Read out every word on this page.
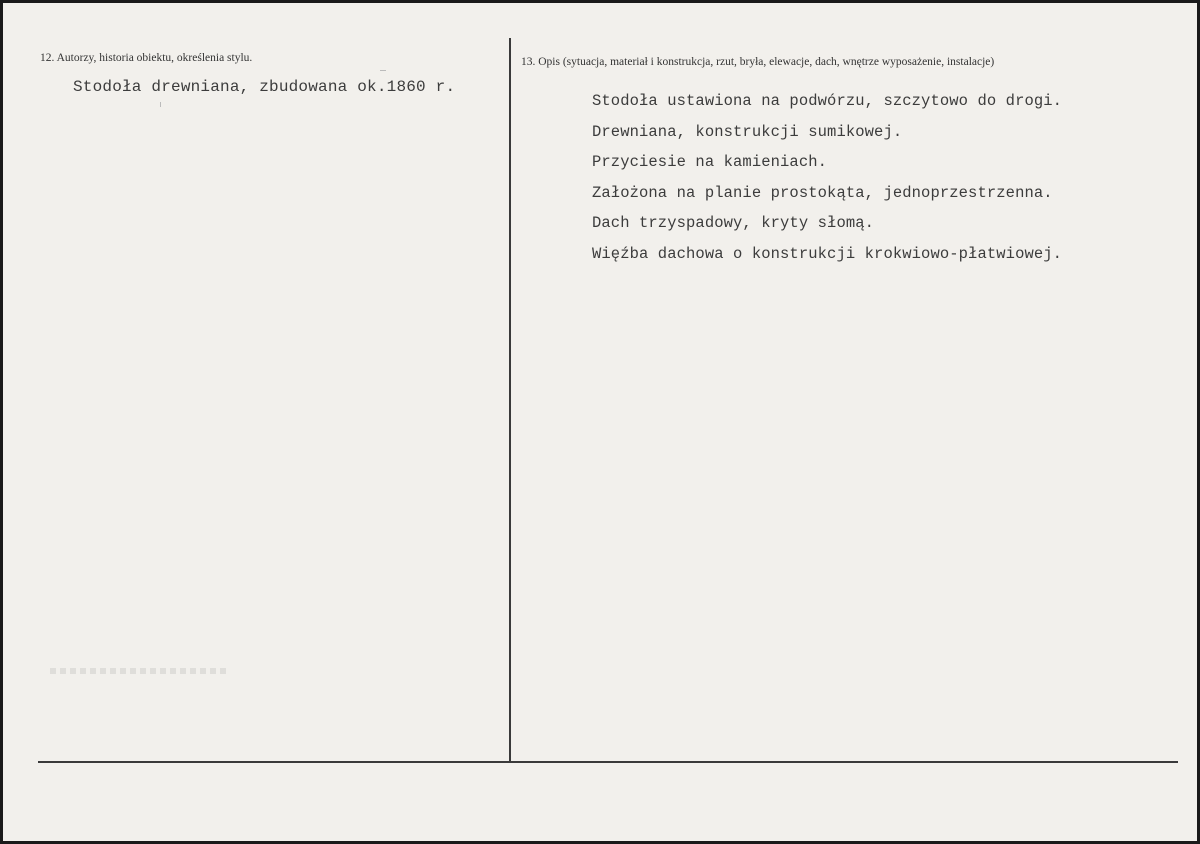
12. Autorzy, historia obiektu, określenia stylu.
Stodoła drewniana, zbudowana ok.1860 r.
13. Opis (sytuacja, materiał i konstrukcja, rzut, bryła, elewacje, dach, wnętrze wyposażenie, instalacje)
Stodoła ustawiona na podwórzu, szczytowo do drogi.
Drewniana, konstrukcji sumikowej.
Przyciesie na kamieniach.
Założona na planie prostokąta, jednoprzestrzenna.
Dach trzyspadowy, kryty słomą.
Więźba dachowa o konstrukcji krokwiowo-płatwiowej.
